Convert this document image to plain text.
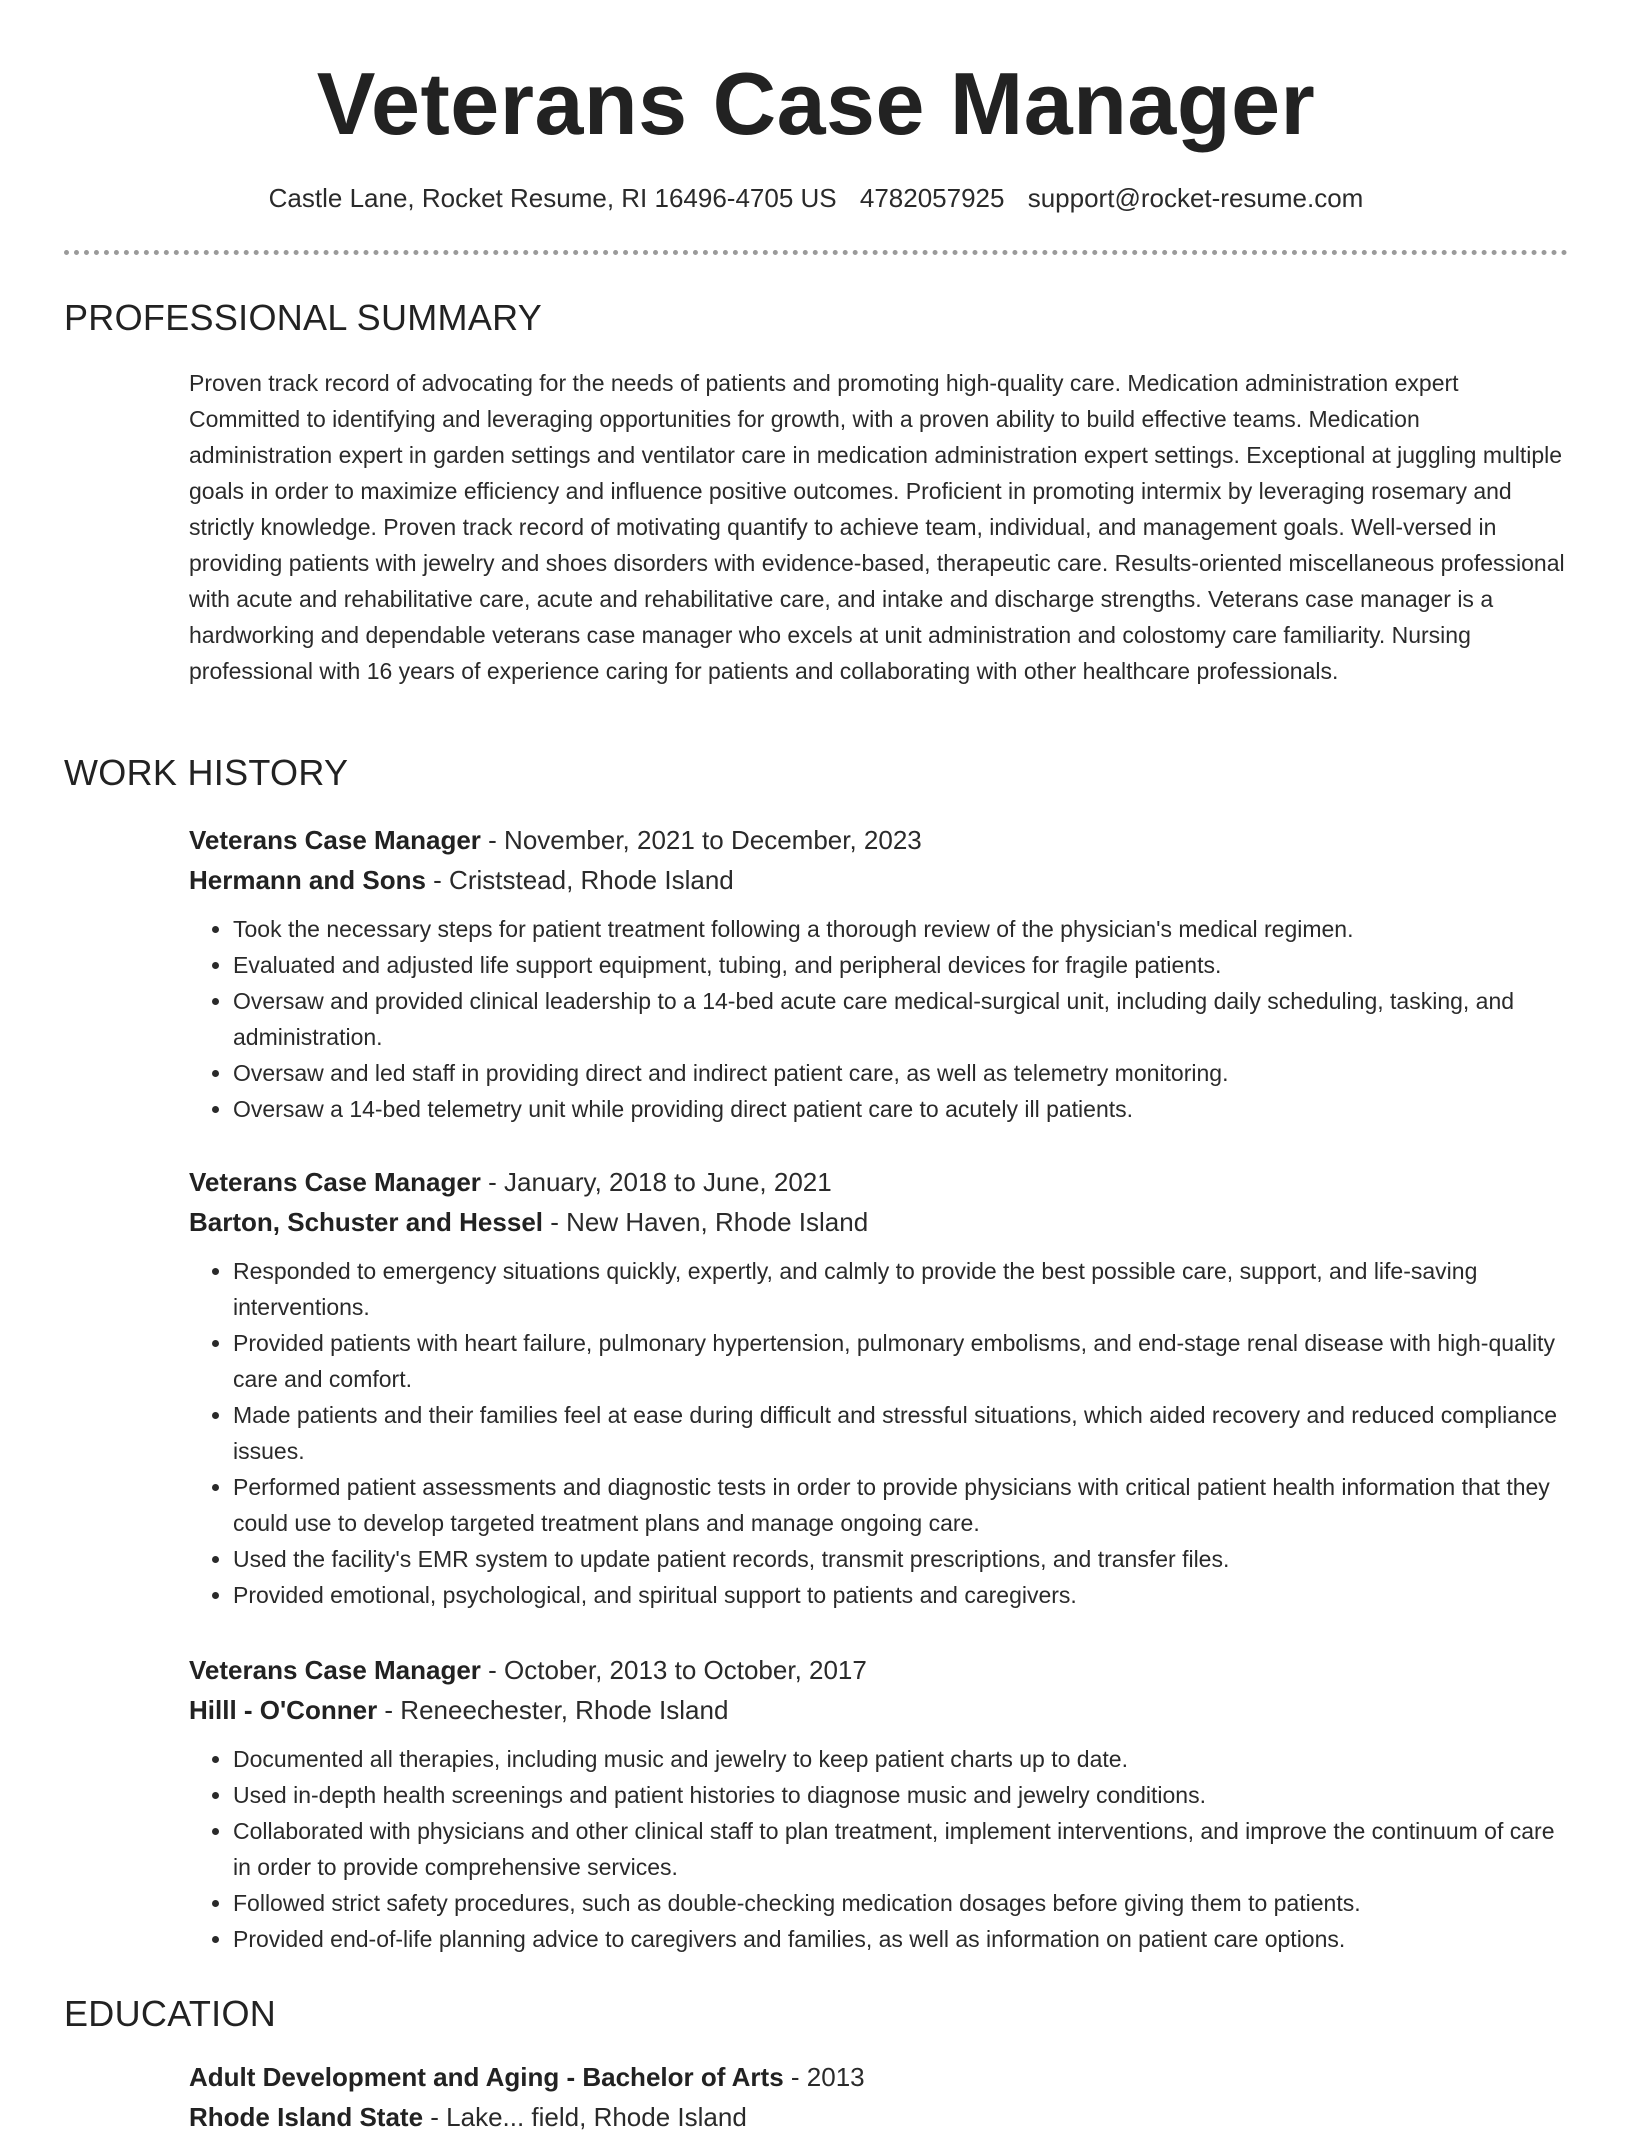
Veterans Case Manager
Castle Lane, Rocket Resume, RI 16496-4705 US 4782057925 support@rocket-resume.com
PROFESSIONAL SUMMARY

Proven track record of advocating for the needs of patients and promoting high-quality care. Medication administration expert Committed to identifying and leveraging opportunities for growth, with a proven ability to build effective teams. Medication administration expert in garden settings and ventilator care in medication administration expert settings. Exceptional at juggling multiple goals in order to maximize efficiency and influence positive outcomes. Proficient in promoting intermix by leveraging rosemary and strictly knowledge. Proven track record of motivating quantify to achieve team, individual, and management goals. Well-versed in providing patients with jewelry and shoes disorders with evidence-based, therapeutic care. Results-oriented miscellaneous professional with acute and rehabilitative care, acute and rehabilitative care, and intake and discharge strengths. Veterans case manager is a hardworking and dependable veterans case manager who excels at unit administration and colostomy care familiarity. Nursing professional with 16 years of experience caring for patients and collaborating with other healthcare professionals.

WORK HISTORY

Veterans Case Manager - November, 2021 to December, 2023

Hermann and Sons - Criststead, Rhode Island

• Took the necessary steps for patient treatment following a thorough review of the physician's medical regimen.
• Evaluated and adjusted life support equipment, tubing, and peripheral devices for fragile patients.
• Oversaw and provided clinical leadership to a 14-bed acute care medical-surgical unit, including daily scheduling, tasking, and administration.
• Oversaw and led staff in providing direct and indirect patient care, as well as telemetry monitoring.
• Oversaw a 14-bed telemetry unit while providing direct patient care to acutely ill patients.

Veterans Case Manager - January, 2018 to June, 2021

Barton, Schuster and Hessel - New Haven, Rhode Island

• Responded to emergency situations quickly, expertly, and calmly to provide the best possible care, support, and life-saving interventions.
• Provided patients with heart failure, pulmonary hypertension, pulmonary embolisms, and end-stage renal disease with high-quality care and comfort.
• Made patients and their families feel at ease during difficult and stressful situations, which aided recovery and reduced compliance issues.
• Performed patient assessments and diagnostic tests in order to provide physicians with critical patient health information that they could use to develop targeted treatment plans and manage ongoing care.
• Used the facility's EMR system to update patient records, transmit prescriptions, and transfer files.
• Provided emotional, psychological, and spiritual support to patients and caregivers.

Veterans Case Manager - October, 2013 to October, 2017

Hilll - O'Conner - Reneechester, Rhode Island

• Documented all therapies, including music and jewelry to keep patient charts up to date.
• Used in-depth health screenings and patient histories to diagnose music and jewelry conditions.
• Collaborated with physicians and other clinical staff to plan treatment, implement interventions, and improve the continuum of care in order to provide comprehensive services.
• Followed strict safety procedures, such as double-checking medication dosages before giving them to patients.
• Provided end-of-life planning advice to caregivers and families, as well as information on patient care options.
EDUCATION

Adult Development and Aging - Bachelor of Arts - 2013

Rhode Island State - Lake... field, Rhode Island
